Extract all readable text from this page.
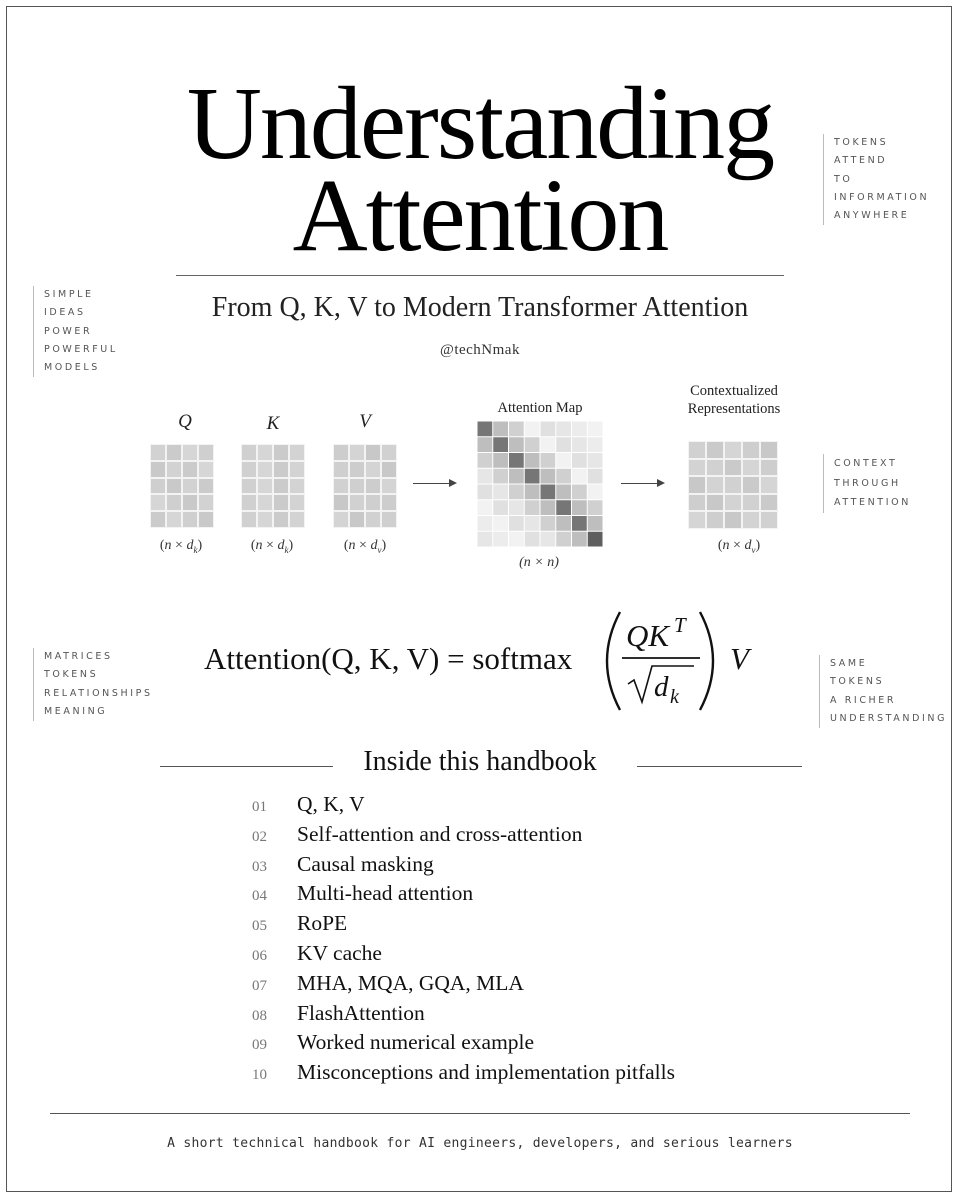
Understanding
Attention
From Q, K, V to Modern Transformer Attention
@techNmak
TOKENS
ATTEND
TO
INFORMATION
ANYWHERE
SIMPLE
IDEAS
POWER
POWERFUL
MODELS
CONTEXT
THROUGH
ATTENTION
MATRICES
TOKENS
RELATIONSHIPS
MEANING
SAME
TOKENS
A RICHER
UNDERSTANDING
Q	K	V
$(n \times d_k)$	$(n \times d_k)$	$(n \times d_v)$
Attention Map
(n × n)
Contextualized
Representations
$(n \times d_v)$
Attention(Q, K, V) = softmax
QK T
d k
V
Inside this handbook
01	Q, K, V
02	Self-attention and cross-attention
03	Causal masking
04	Multi-head attention
05	RoPE
06	KV cache
07	MHA, MQA, GQA, MLA
08	FlashAttention
09	Worked numerical example
10	Misconceptions and implementation pitfalls
A short technical handbook for AI engineers, developers, and serious learners
